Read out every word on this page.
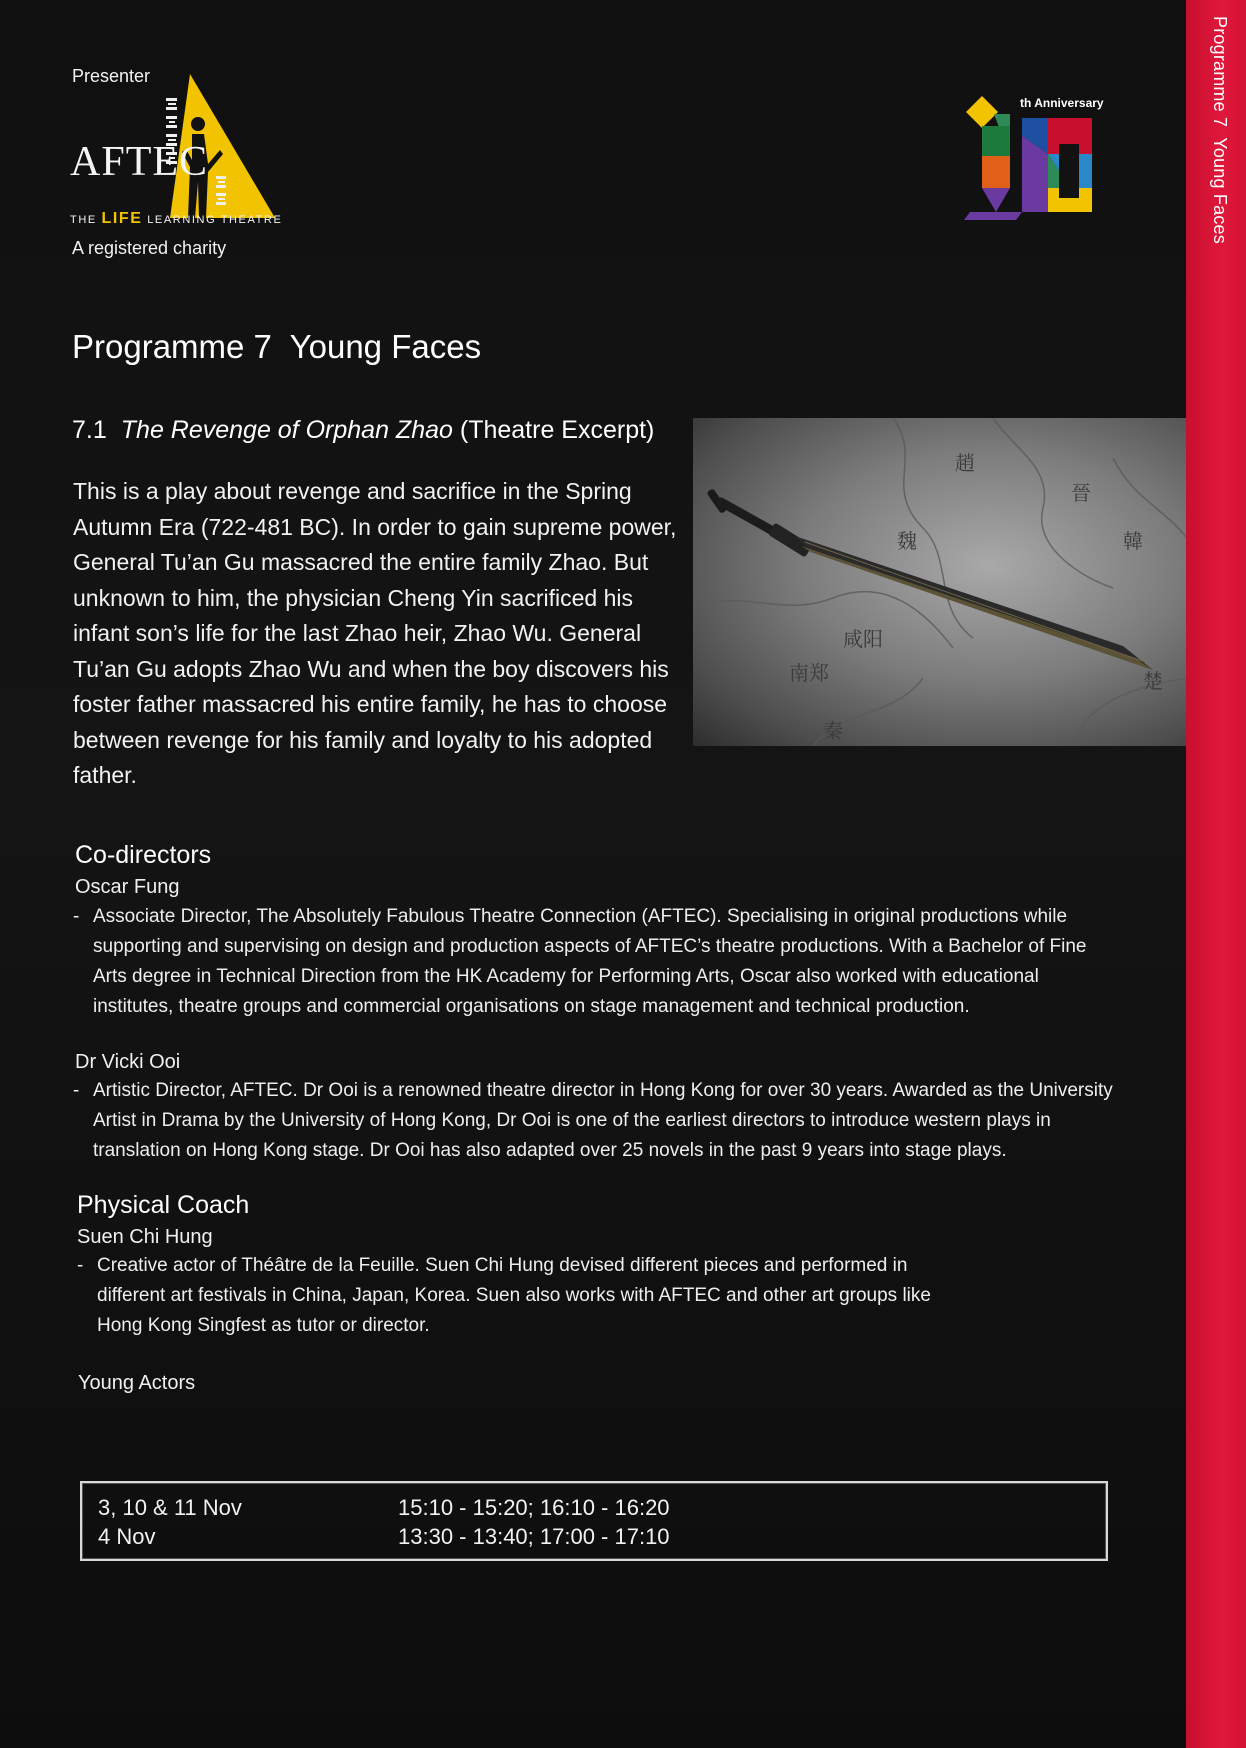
Presenter
AFTEC
THE LIFE LEARNING THEATRE
A registered charity
th Anniversary
Programme 7  Young Faces
7.1 The Revenge of Orphan Zhao (Theatre Excerpt)

This is a play about revenge and sacrifice in the Spring Autumn Era (722-481 BC). In order to gain supreme power, General Tu’an Gu massacred the entire family Zhao. But unknown to him, the physician Cheng Yin sacrificed his infant son’s life for the last Zhao heir, Zhao Wu. General Tu’an Gu adopts Zhao Wu and when the boy discovers his foster father massacred his entire family, he has to choose between revenge for his family and loyalty to his adopted father.

趙
晉
魏	韓
咸阳
南郑
秦
楚
Co-directors
Oscar Fung
- Associate Director, The Absolutely Fabulous Theatre Connection (AFTEC). Specialising in original productions while supporting and supervising on design and production aspects of AFTEC’s theatre productions. With a Bachelor of Fine Arts degree in Technical Direction from the HK Academy for Performing Arts, Oscar also worked with educational institutes, theatre groups and commercial organisations on stage management and technical production.
Dr Vicki Ooi
- Artistic Director, AFTEC. Dr Ooi is a renowned theatre director in Hong Kong for over 30 years. Awarded as the University Artist in Drama by the University of Hong Kong, Dr Ooi is one of the earliest directors to introduce western plays in translation on Hong Kong stage. Dr Ooi has also adapted over 25 novels in the past 9 years into stage plays.
Physical Coach
Suen Chi Hung
- Creative actor of Théâtre de la Feuille. Suen Chi Hung devised different pieces and performed in different art festivals in China, Japan, Korea. Suen also works with AFTEC and other art groups like Hong Kong Singfest as tutor or director.
Young Actors
3, 10 & 11 Nov	15:10 - 15:20; 16:10 - 16:20
4 Nov	13:30 - 13:40; 17:00 - 17:10
Programme 7  Young Faces
